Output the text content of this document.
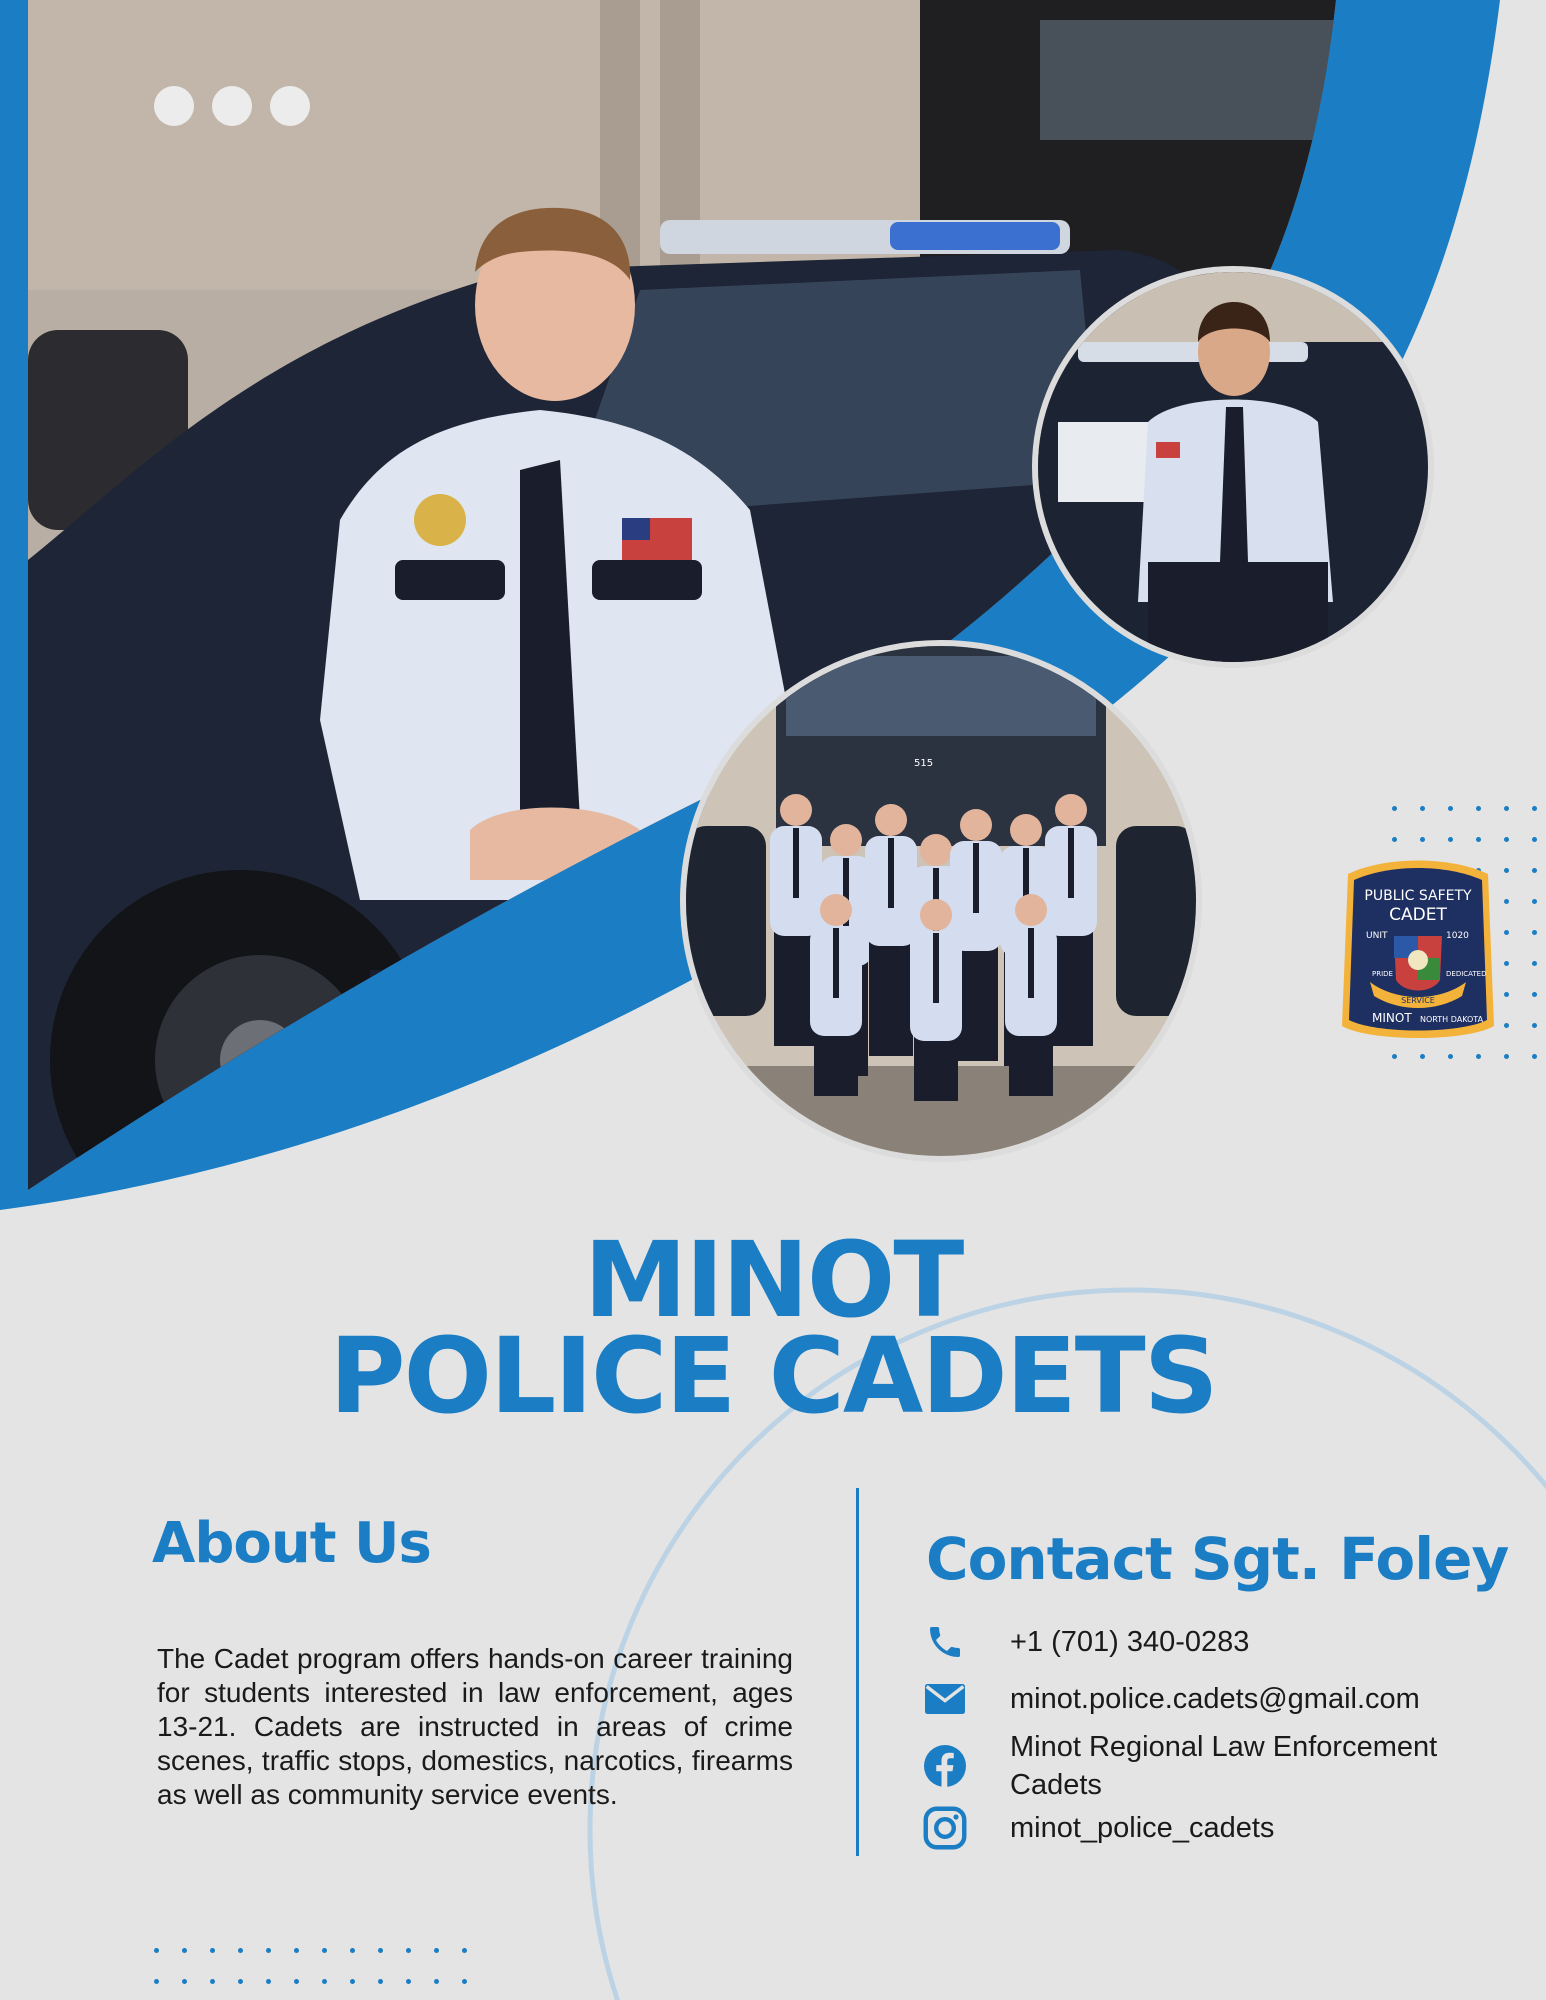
515
PUBLIC SAFETY
CADET
UNIT	1020
SERVICE
PRIDE	DEDICATED
MINOT NORTH DAKOTA
MINOT
POLICE CADETS
About Us
The Cadet program offers hands-on career training for students interested in law enforcement, ages 13-21. Cadets are instructed in areas of crime scenes, traffic stops, domestics, narcotics, firearms as well as community service events.
Contact Sgt. Foley
+1 (701) 340-0283
minot.police.cadets@gmail.com
Minot Regional Law Enforcement
Cadets
minot_police_cadets
